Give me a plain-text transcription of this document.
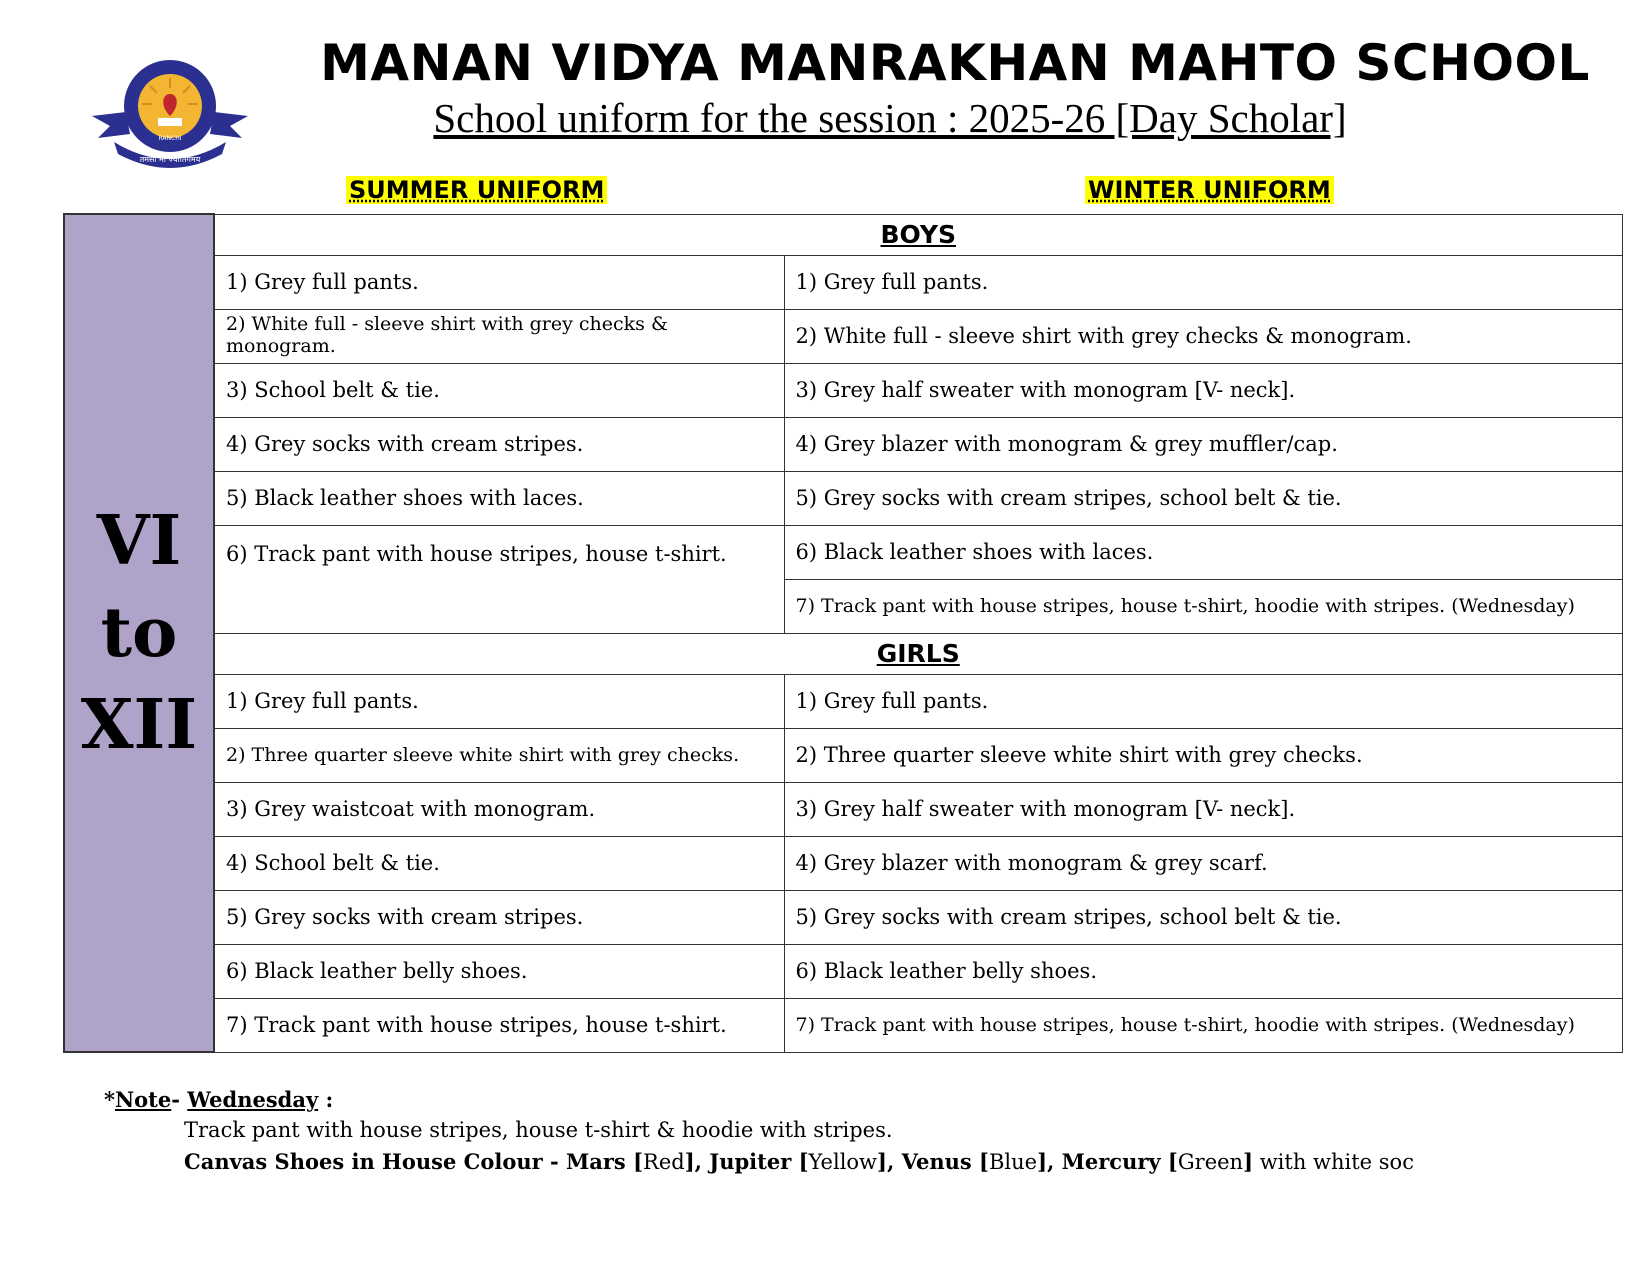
तमसो माँ ज्योतिर्गमय
RANCHI
MANAN VIDYA MANRAKHAN MAHTO SCHOOL
School uniform for the session : 2025-26 [Day Scholar]
SUMMER UNIFORM	WINTER UNIFORM
VI
to
XII	BOYS	
	1) Grey full pants.	1) Grey full pants.
	2) White full - sleeve shirt with grey checks & monogram.	2) White full - sleeve shirt with grey checks & monogram.
	3) School belt & tie.	3) Grey half sweater with monogram [V- neck].
	4) Grey socks with cream stripes.	4) Grey blazer with monogram & grey muffler/cap.
	5) Black leather shoes with laces.	5) Grey socks with cream stripes, school belt & tie.
	6) Track pant with house stripes, house t-shirt.	6) Black leather shoes with laces.
		7) Track pant with house stripes, house t-shirt, hoodie with stripes. (Wednesday)
	GIRLS	
	1) Grey full pants.	1) Grey full pants.
	2) Three quarter sleeve white shirt with grey checks.	2) Three quarter sleeve white shirt with grey checks.
	3) Grey waistcoat with monogram.	3) Grey half sweater with monogram [V- neck].
	4) School belt & tie.	4) Grey blazer with monogram & grey scarf.
	5) Grey socks with cream stripes.	5) Grey socks with cream stripes, school belt & tie.
	6) Black leather belly shoes.	6) Black leather belly shoes.
	7) Track pant with house stripes, house t-shirt.	7) Track pant with house stripes, house t-shirt, hoodie with stripes. (Wednesday)
*Note- Wednesday :
Track pant with house stripes, house t-shirt & hoodie with stripes.
Canvas Shoes in House Colour - Mars [Red], Jupiter [Yellow], Venus [Blue], Mercury [Green] with white soc
